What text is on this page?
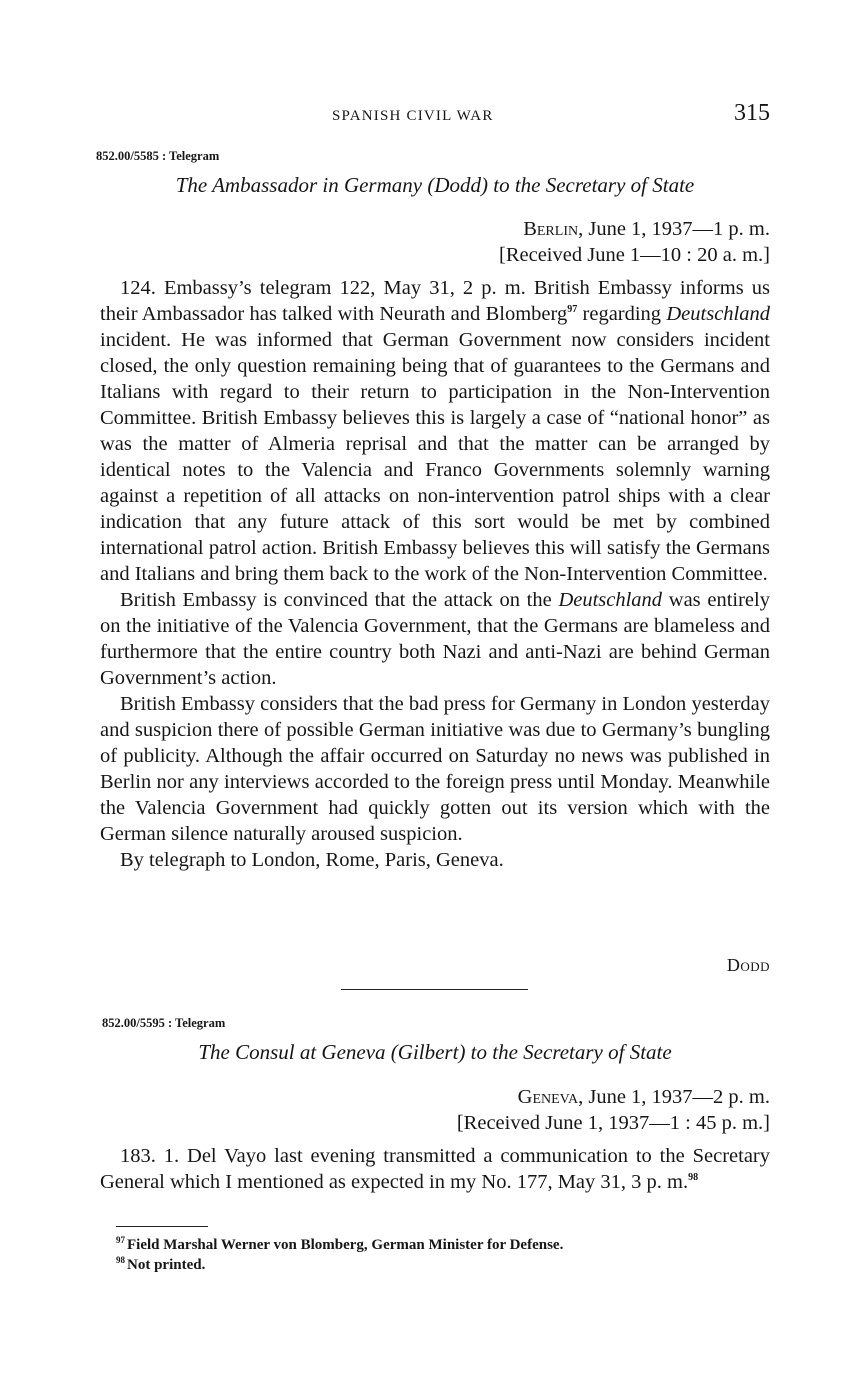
SPANISH CIVIL WAR	315
852.00/5585 : Telegram
The Ambassador in Germany (Dodd) to the Secretary of State
Berlin, June 1, 1937—1 p. m.
[Received June 1—10 : 20 a. m.]

124. Embassy’s telegram 122, May 31, 2 p. m. British Embassy informs us their Ambassador has talked with Neurath and Blomberg$^{97}$ regarding Deutschland incident. He was informed that German Government now considers incident closed, the only question remaining being that of guarantees to the Germans and Italians with regard to their return to participation in the Non-Intervention Committee. British Embassy believes this is largely a case of “national honor” as was the matter of Almeria reprisal and that the matter can be arranged by identical notes to the Valencia and Franco Governments solemnly warning against a repetition of all attacks on non-intervention patrol ships with a clear indication that any future attack of this sort would be met by combined international patrol action. British Embassy believes this will satisfy the Germans and Italians and bring them back to the work of the Non-Intervention Committee.

British Embassy is convinced that the attack on the Deutschland was entirely on the initiative of the Valencia Government, that the Germans are blameless and furthermore that the entire country both Nazi and anti-Nazi are behind German Government’s action.

British Embassy considers that the bad press for Germany in London yesterday and suspicion there of possible German initiative was due to Germany’s bungling of publicity. Although the affair occurred on Saturday no news was published in Berlin nor any interviews accorded to the foreign press until Monday. Meanwhile the Valencia Government had quickly gotten out its version which with the German silence naturally aroused suspicion.

By telegraph to London, Rome, Paris, Geneva.

Dodd
852.00/5595 : Telegram
The Consul at Geneva (Gilbert) to the Secretary of State
Geneva, June 1, 1937—2 p. m.
[Received June 1, 1937—1 : 45 p. m.]

183. 1. Del Vayo last evening transmitted a communication to the Secretary General which I mentioned as expected in my No. 177, May 31, 3 p. m.$^{98}$

$^{97}$ Field Marshal Werner von Blomberg, German Minister for Defense.
$^{98}$ Not printed.
